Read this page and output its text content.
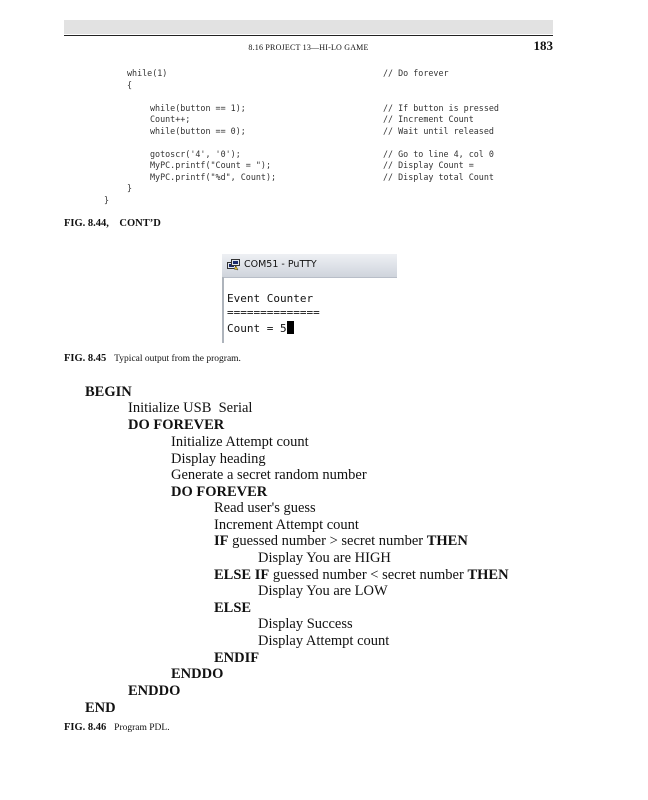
8.16 PROJECT 13—HI-LO GAME	183
while(1)	// Do forever
{
while(button == 1);	// If button is pressed
Count++;	// Increment Count
while(button == 0);	// Wait until released
gotoscr('4', '0');	// Go to line 4, col 0
MyPC.printf("Count = ");	// Display Count =
MyPC.printf("%d", Count);	// Display total Count
}
}
FIG. 8.44, CONT’D
COM51 - PuTTY
Event Counter
==============
Count = 5
FIG. 8.45 Typical output from the program.
BEGIN
Initialize USB  Serial
DO FOREVER
Initialize Attempt count
Display heading
Generate a secret random number
DO FOREVER
Read user's guess
Increment Attempt count
IF guessed number > secret number THEN
Display You are HIGH
ELSE IF guessed number < secret number THEN
Display You are LOW
ELSE
Display Success
Display Attempt count
ENDIF
ENDDO
ENDDO
END
FIG. 8.46 Program PDL.
